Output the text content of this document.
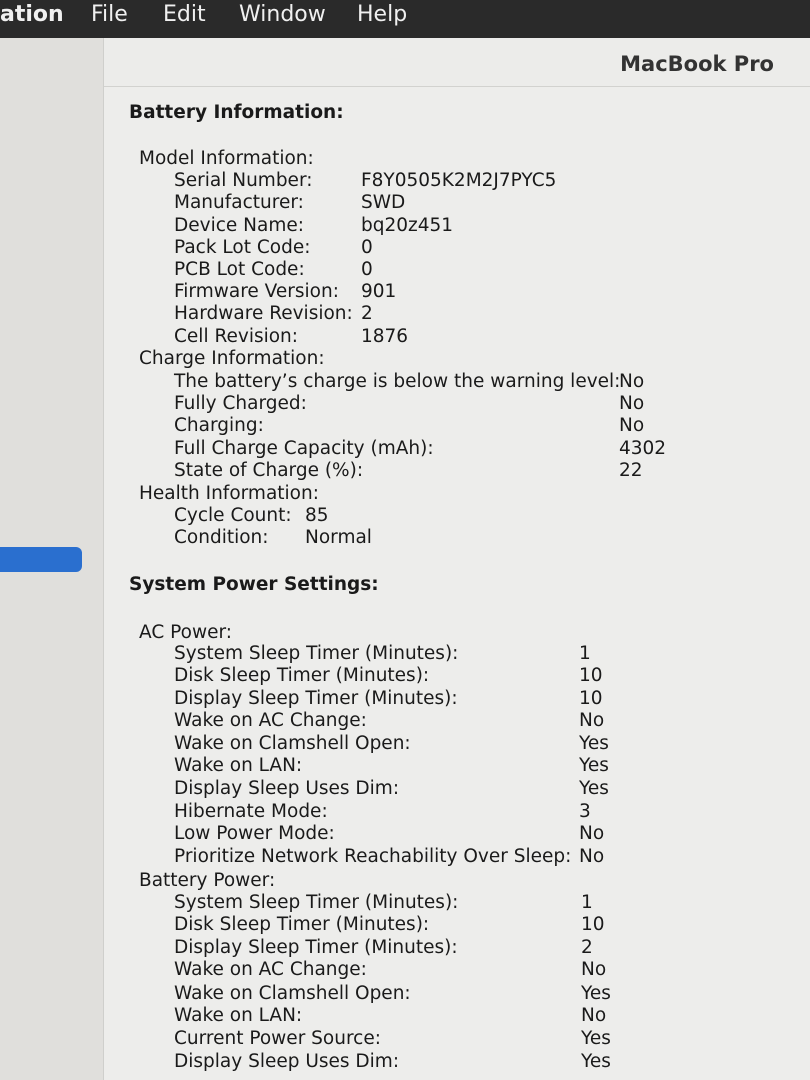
ation File Edit Window Help
MacBook Pro
Battery Information:
Model Information:
Serial Number:	F8Y0505K2M2J7PYC5
Manufacturer:	SWD
Device Name:	bq20z451
Pack Lot Code:	0
PCB Lot Code:	0
Firmware Version: 901
Hardware Revision: 2
Cell Revision:	1876
Charge Information:
The battery’s charge is below the warning level:
No
Fully Charged:	No
Charging:	No
Full Charge Capacity (mAh):	4302
State of Charge (%):	22
Health Information:
Cycle Count: 85
Condition: Normal
System Power Settings:
AC Power:
System Sleep Timer (Minutes):	1
Disk Sleep Timer (Minutes):	10
Display Sleep Timer (Minutes):	10
Wake on AC Change:	No
Wake on Clamshell Open:	Yes
Wake on LAN:	Yes
Display Sleep Uses Dim:	Yes
Hibernate Mode:	3
Low Power Mode:	No
Prioritize Network Reachability Over Sleep: No
Battery Power:
System Sleep Timer (Minutes):	1
Disk Sleep Timer (Minutes):	10
Display Sleep Timer (Minutes):	2
Wake on AC Change:	No
Wake on Clamshell Open:	Yes
Wake on LAN:	No
Current Power Source:	Yes
Display Sleep Uses Dim:	Yes
